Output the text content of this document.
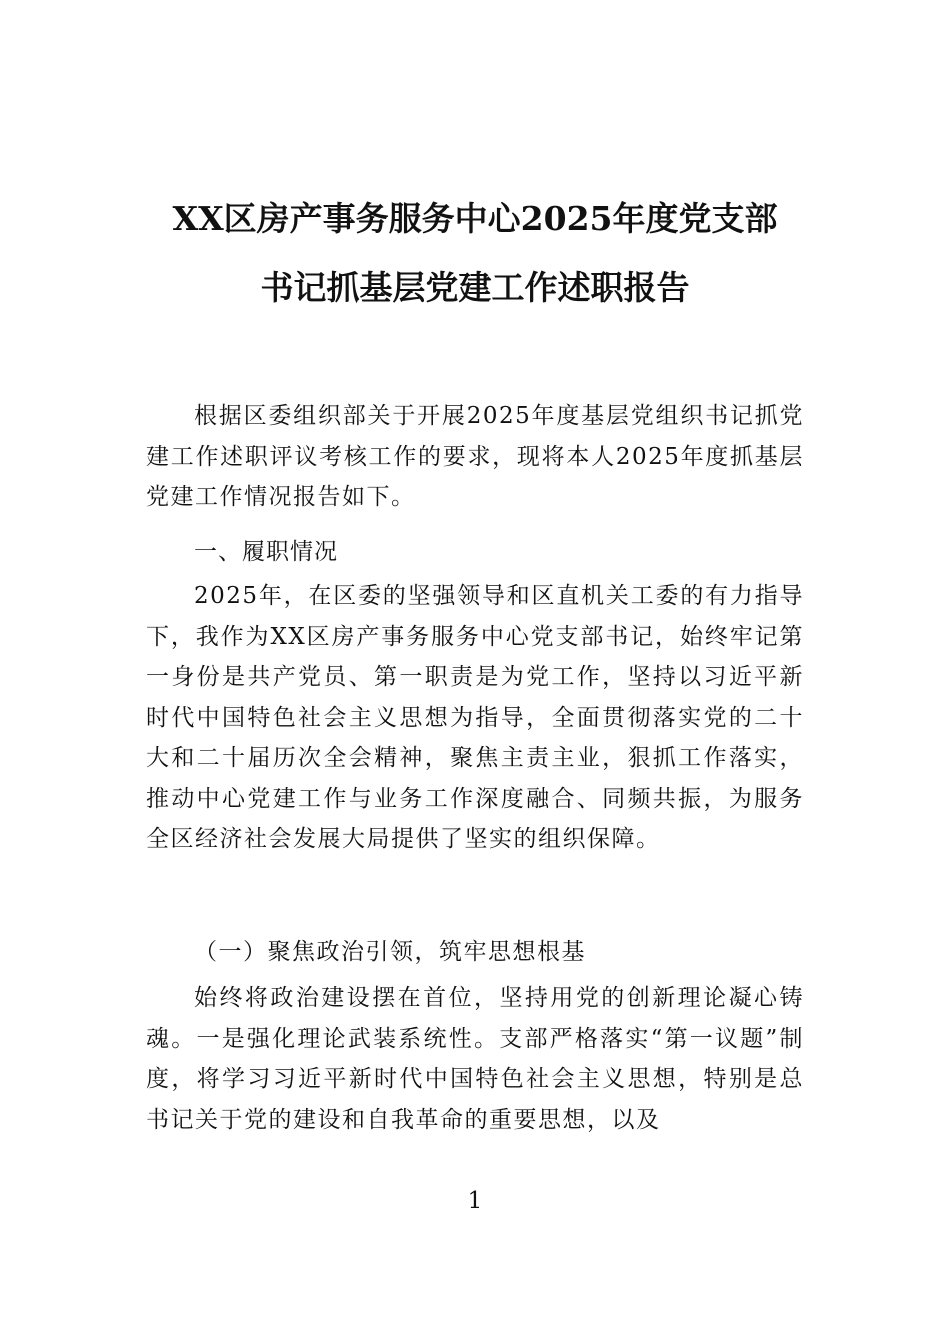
XX区房产事务服务中心2025年度党支部
书记抓基层党建工作述职报告
根据区委组织部关于开展2025年度基层党组织书记抓党建工作述职评议考核工作的要求，现将本人2025年度抓基层党建工作情况报告如下。
一、履职情况
2025年，在区委的坚强领导和区直机关工委的有力指导下，我作为XX区房产事务服务中心党支部书记，始终牢记第一身份是共产党员、第一职责是为党工作，坚持以习近平新时代中国特色社会主义思想为指导，全面贯彻落实党的二十大和二十届历次全会精神，聚焦主责主业，狠抓工作落实，推动中心党建工作与业务工作深度融合、同频共振，为服务全区经济社会发展大局提供了坚实的组织保障。
（一）聚焦政治引领，筑牢思想根基
始终将政治建设摆在首位，坚持用党的创新理论凝心铸魂。一是强化理论武装系统性。支部严格落实“第一议题”制度，将学习习近平新时代中国特色社会主义思想，特别是总书记关于党的建设和自我革命的重要思想，以及
1
